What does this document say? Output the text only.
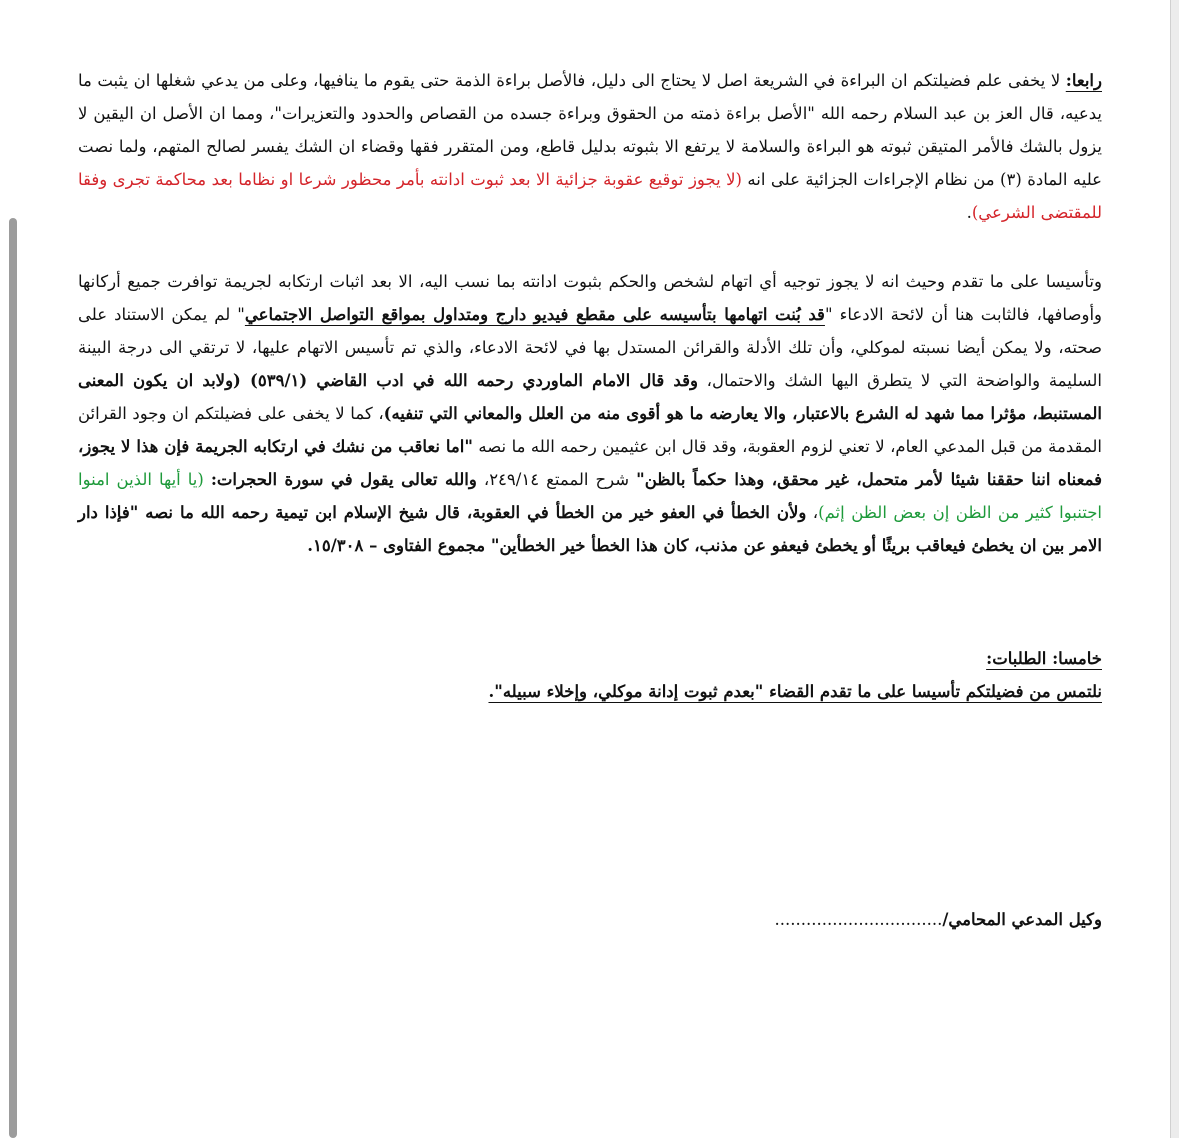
رابعا: لا يخفى علم فضيلتكم ان البراءة في الشريعة اصل لا يحتاج الى دليل، فالأصل براءة الذمة حتى يقوم ما ينافيها، وعلى من يدعي شغلها ان يثبت ما يدعيه، قال العز بن عبد السلام رحمه الله "الأصل براءة ذمته من الحقوق وبراءة جسده من القصاص والحدود والتعزيرات"، ومما ان الأصل ان اليقين لا يزول بالشك فالأمر المتيقن ثبوته هو البراءة والسلامة لا يرتفع الا بثبوته بدليل قاطع، ومن المتقرر فقها وقضاء ان الشك يفسر لصالح المتهم، ولما نصت عليه المادة (٣) من نظام الإجراءات الجزائية على انه (لا يجوز توقيع عقوبة جزائية الا بعد ثبوت ادانته بأمر محظور شرعا او نظاما بعد محاكمة تجرى وفقا للمقتضى الشرعي).

وتأسيسا على ما تقدم وحيث انه لا يجوز توجيه أي اتهام لشخص والحكم بثبوت ادانته بما نسب اليه، الا بعد اثبات ارتكابه لجريمة توافرت جميع أركانها وأوصافها، فالثابت هنا أن لائحة الادعاء "قد بُنت اتهامها بتأسيسه على مقطع فيديو دارج ومتداول بمواقع التواصل الاجتماعي" لم يمكن الاستناد على صحته، ولا يمكن أيضا نسبته لموكلي، وأن تلك الأدلة والقرائن المستدل بها في لائحة الادعاء، والذي تم تأسيس الاتهام عليها، لا ترتقي الى درجة البينة السليمة والواضحة التي لا يتطرق اليها الشك والاحتمال، وقد قال الامام الماوردي رحمه الله في ادب القاضي (٥٣٩/١) (ولابد ان يكون المعنى المستنبط، مؤثرا مما شهد له الشرع بالاعتبار، والا يعارضه ما هو أقوى منه من العلل والمعاني التي تنفيه)، كما لا يخفى على فضيلتكم ان وجود القرائن المقدمة من قبل المدعي العام، لا تعني لزوم العقوبة، وقد قال ابن عثيمين رحمه الله ما نصه "اما نعاقب من نشك في ارتكابه الجريمة فإن هذا لا يجوز، فمعناه اننا حققنا شيئا لأمر متحمل، غير محقق، وهذا حكماً بالظن" شرح الممتع ٢٤٩/١٤، والله تعالى يقول في سورة الحجرات: (يا أيها الذين امنوا اجتنبوا كثير من الظن إن بعض الظن إثم)، ولأن الخطأ في العفو خير من الخطأ في العقوبة، قال شيخ الإسلام ابن تيمية رحمه الله ما نصه "فإذا دار الامر بين ان يخطئ فيعاقب بريئًا أو يخطئ فيعفو عن مذنب، كان هذا الخطأ خير الخطأين" مجموع الفتاوى – ١٥/٣٠٨.

خامسا: الطلبات:

نلتمس من فضيلتكم تأسيسا على ما تقدم القضاء "بعدم ثبوت إدانة موكلي، وإخلاء سبيله".

وكيل المدعي المحامي/................................
